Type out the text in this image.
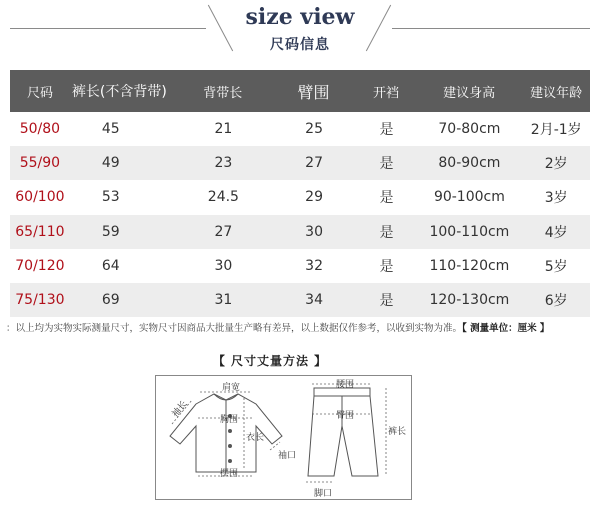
size view
尺码信息
尺码	裤长(不含背带)	背带长	臂围	开裆	建议身高	建议年龄
50/80	45	21	25	是	70-80cm	2月-1岁
55/90	49	23	27	是	80-90cm	2岁
60/100	53	24.5	29	是	90-100cm	3岁
65/110	59	27	30	是	100-110cm	4岁
70/120	64	30	32	是	110-120cm	5岁
75/130	69	31	34	是	120-130cm	6岁
：以上均为实物实际测量尺寸，实物尺寸因商品大批量生产略有差异，以上数据仅作参考，以收到实物为准。【 测量单位：厘米 】
【 尺寸丈量方法 】
肩宽
袖长
胸围
衣长
摆围
袖口
腰围
臀围
裤长
脚口
